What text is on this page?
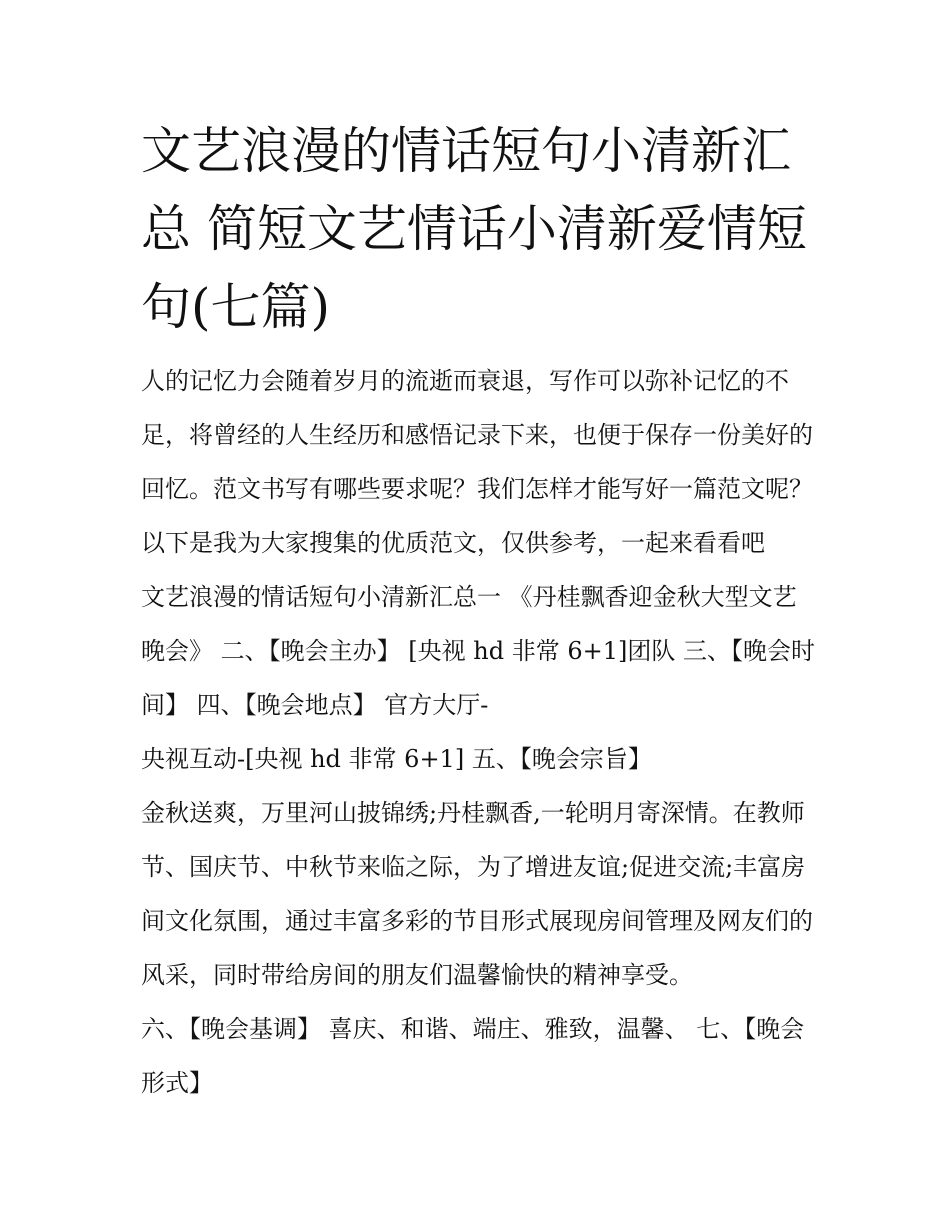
文艺浪漫的情话短句小清新汇总 简短文艺情话小清新爱情短句(七篇)

人的记忆力会随着岁月的流逝而衰退，写作可以弥补记忆的不足，将曾经的人生经历和感悟记录下来，也便于保存一份美好的回忆。范文书写有哪些要求呢？我们怎样才能写好一篇范文呢？以下是我为大家搜集的优质范文，仅供参考，一起来看看吧

文艺浪漫的情话短句小清新汇总一 《丹桂飘香迎金秋大型文艺晚会》 二、【晚会主办】 [央视 hd 非常 6+1]团队 三、【晚会时间】 四、【晚会地点】 官方大厅-

央视互动-[央视 hd 非常 6+1] 五、【晚会宗旨】

金秋送爽，万里河山披锦绣;丹桂飘香,一轮明月寄深情。在教师节、国庆节、中秋节来临之际，为了增进友谊;促进交流;丰富房间文化氛围，通过丰富多彩的节目形式展现房间管理及网友们的风采，同时带给房间的朋友们温馨愉快的精神享受。

六、【晚会基调】 喜庆、和谐、端庄、雅致，温馨、 七、【晚会形式】
